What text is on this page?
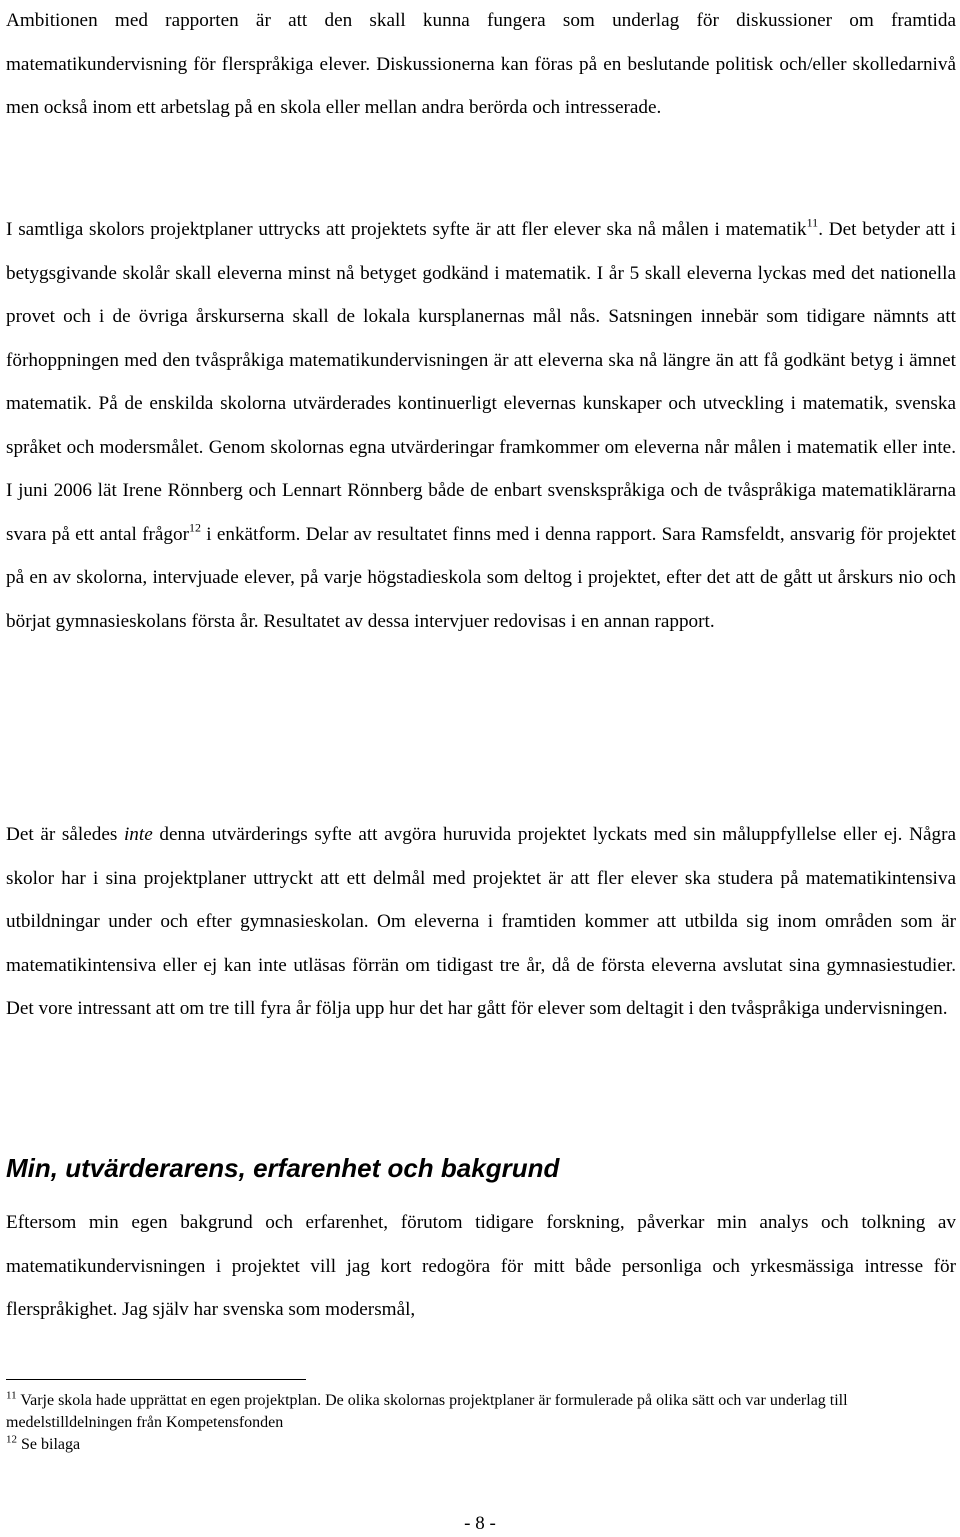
Ambitionen med rapporten är att den skall kunna fungera som underlag för diskussioner om framtida matematikundervisning för flerspråkiga elever. Diskussionerna kan föras på en beslutande politisk och/eller skolledarnivå men också inom ett arbetslag på en skola eller mellan andra berörda och intresserade.

I samtliga skolors projektplaner uttrycks att projektets syfte är att fler elever ska nå målen i matematik$^{11}$. Det betyder att i betygsgivande skolår skall eleverna minst nå betyget godkänd i matematik. I år 5 skall eleverna lyckas med det nationella provet och i de övriga årskurserna skall de lokala kursplanernas mål nås. Satsningen innebär som tidigare nämnts att förhoppningen med den tvåspråkiga matematikundervisningen är att eleverna ska nå längre än att få godkänt betyg i ämnet matematik. På de enskilda skolorna utvärderades kontinuerligt elevernas kunskaper och utveckling i matematik, svenska språket och modersmålet. Genom skolornas egna utvärderingar framkommer om eleverna når målen i matematik eller inte. I juni 2006 lät Irene Rönnberg och Lennart Rönnberg både de enbart svenskspråkiga och de tvåspråkiga matematiklärarna svara på ett antal frågor$^{12}$ i enkätform. Delar av resultatet finns med i denna rapport. Sara Ramsfeldt, ansvarig för projektet på en av skolorna, intervjuade elever, på varje högstadieskola som deltog i projektet, efter det att de gått ut årskurs nio och börjat gymnasieskolans första år. Resultatet av dessa intervjuer redovisas i en annan rapport.

Det är således inte denna utvärderings syfte att avgöra huruvida projektet lyckats med sin måluppfyllelse eller ej. Några skolor har i sina projektplaner uttryckt att ett delmål med projektet är att fler elever ska studera på matematikintensiva utbildningar under och efter gymnasieskolan. Om eleverna i framtiden kommer att utbilda sig inom områden som är matematikintensiva eller ej kan inte utläsas förrän om tidigast tre år, då de första eleverna avslutat sina gymnasiestudier. Det vore intressant att om tre till fyra år följa upp hur det har gått för elever som deltagit i den tvåspråkiga undervisningen.

Min, utvärderarens, erfarenhet och bakgrund

Eftersom min egen bakgrund och erfarenhet, förutom tidigare forskning, påverkar min analys och tolkning av matematikundervisningen i projektet vill jag kort redogöra för mitt både personliga och yrkesmässiga intresse för flerspråkighet. Jag själv har svenska som modersmål,

$^{11}$ Varje skola hade upprättat en egen projektplan. De olika skolornas projektplaner är formulerade på olika sätt och var underlag till medelstilldelningen från Kompetensfonden

$^{12}$ Se bilaga

- 8 -
